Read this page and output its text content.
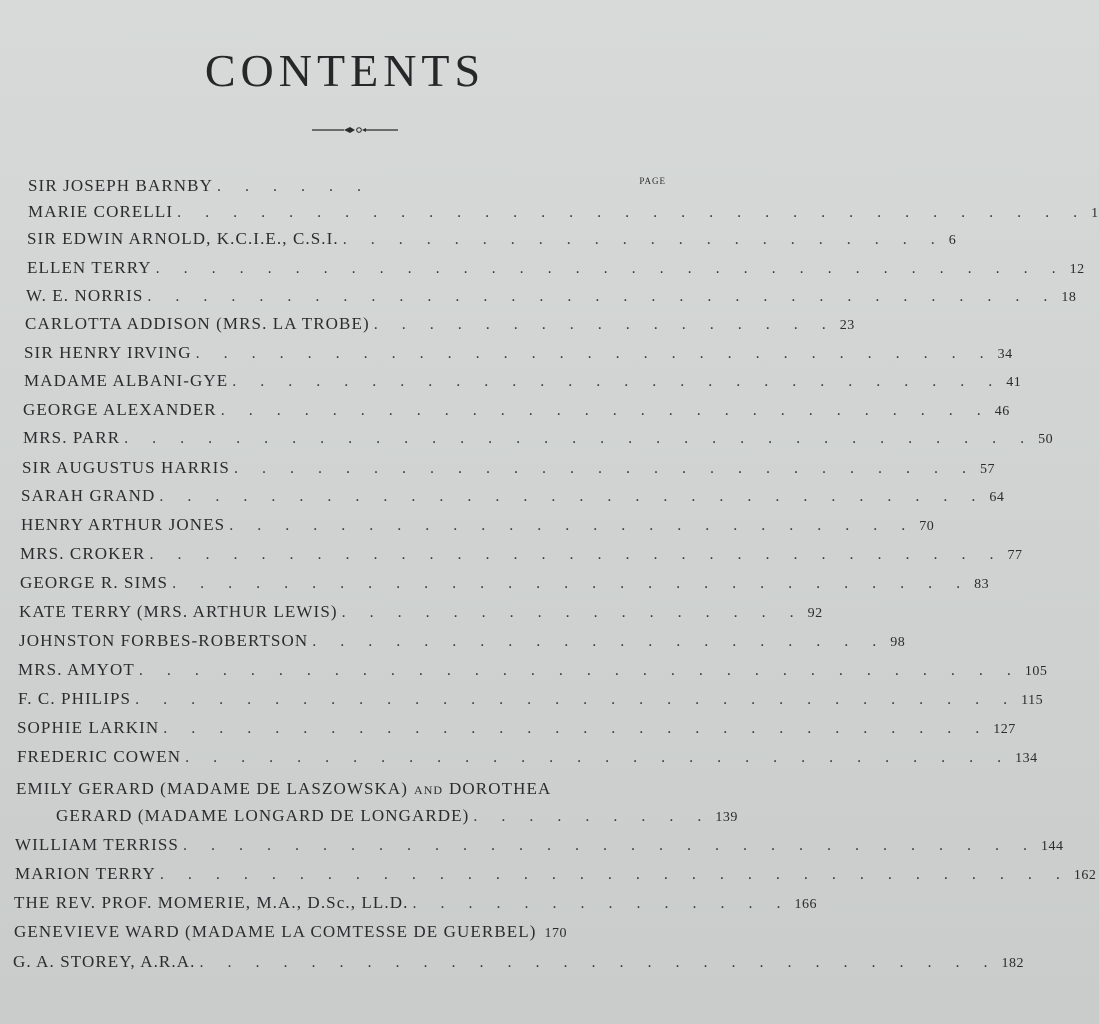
CONTENTS
PAGE
SIR JOSEPH BARNBY . . . . . .
MARIE CORELLI . . . . . . . . . . . . . . . . . . . . . . . . . . . . . . . . . 1
SIR EDWIN ARNOLD, K.C.I.E., C.S.I. . . . . . . . . . . . . . . . . . . . . . . 6
ELLEN TERRY . . . . . . . . . . . . . . . . . . . . . . . . . . . . . . . . . 12
W. E. NORRIS . . . . . . . . . . . . . . . . . . . . . . . . . . . . . . . . . 18
CARLOTTA ADDISON (MRS. LA TROBE) . . . . . . . . . . . . . . . . . 23
SIR HENRY IRVING . . . . . . . . . . . . . . . . . . . . . . . . . . . . . 34
MADAME ALBANI-GYE . . . . . . . . . . . . . . . . . . . . . . . . . . . . 41
GEORGE ALEXANDER . . . . . . . . . . . . . . . . . . . . . . . . . . . . 46
MRS. PARR . . . . . . . . . . . . . . . . . . . . . . . . . . . . . . . . . 50
SIR AUGUSTUS HARRIS . . . . . . . . . . . . . . . . . . . . . . . . . . . 57
SARAH GRAND . . . . . . . . . . . . . . . . . . . . . . . . . . . . . . 64
HENRY ARTHUR JONES . . . . . . . . . . . . . . . . . . . . . . . . . 70
MRS. CROKER . . . . . . . . . . . . . . . . . . . . . . . . . . . . . . . 77
GEORGE R. SIMS . . . . . . . . . . . . . . . . . . . . . . . . . . . . . 83
KATE TERRY (MRS. ARTHUR LEWIS) . . . . . . . . . . . . . . . . . 92
JOHNSTON FORBES-ROBERTSON . . . . . . . . . . . . . . . . . . . . . 98
MRS. AMYOT . . . . . . . . . . . . . . . . . . . . . . . . . . . . . . . . 105
F. C. PHILIPS . . . . . . . . . . . . . . . . . . . . . . . . . . . . . . . . 115
SOPHIE LARKIN . . . . . . . . . . . . . . . . . . . . . . . . . . . . . . 127
FREDERIC COWEN . . . . . . . . . . . . . . . . . . . . . . . . . . . . . . 134
EMILY GERARD (MADAME DE LASZOWSKA) AND DOROTHEA
GERARD (MADAME LONGARD DE LONGARDE) . . . . . . . . . 139
WILLIAM TERRISS . . . . . . . . . . . . . . . . . . . . . . . . . . . . . . . 144
MARION TERRY . . . . . . . . . . . . . . . . . . . . . . . . . . . . . . . . . 162
THE REV. PROF. MOMERIE, M.A., D.Sc., LL.D. . . . . . . . . . . . . . . 166
GENEVIEVE WARD (MADAME LA COMTESSE DE GUERBEL) 170
G. A. STOREY, A.R.A. . . . . . . . . . . . . . . . . . . . . . . . . . . . . . 182
